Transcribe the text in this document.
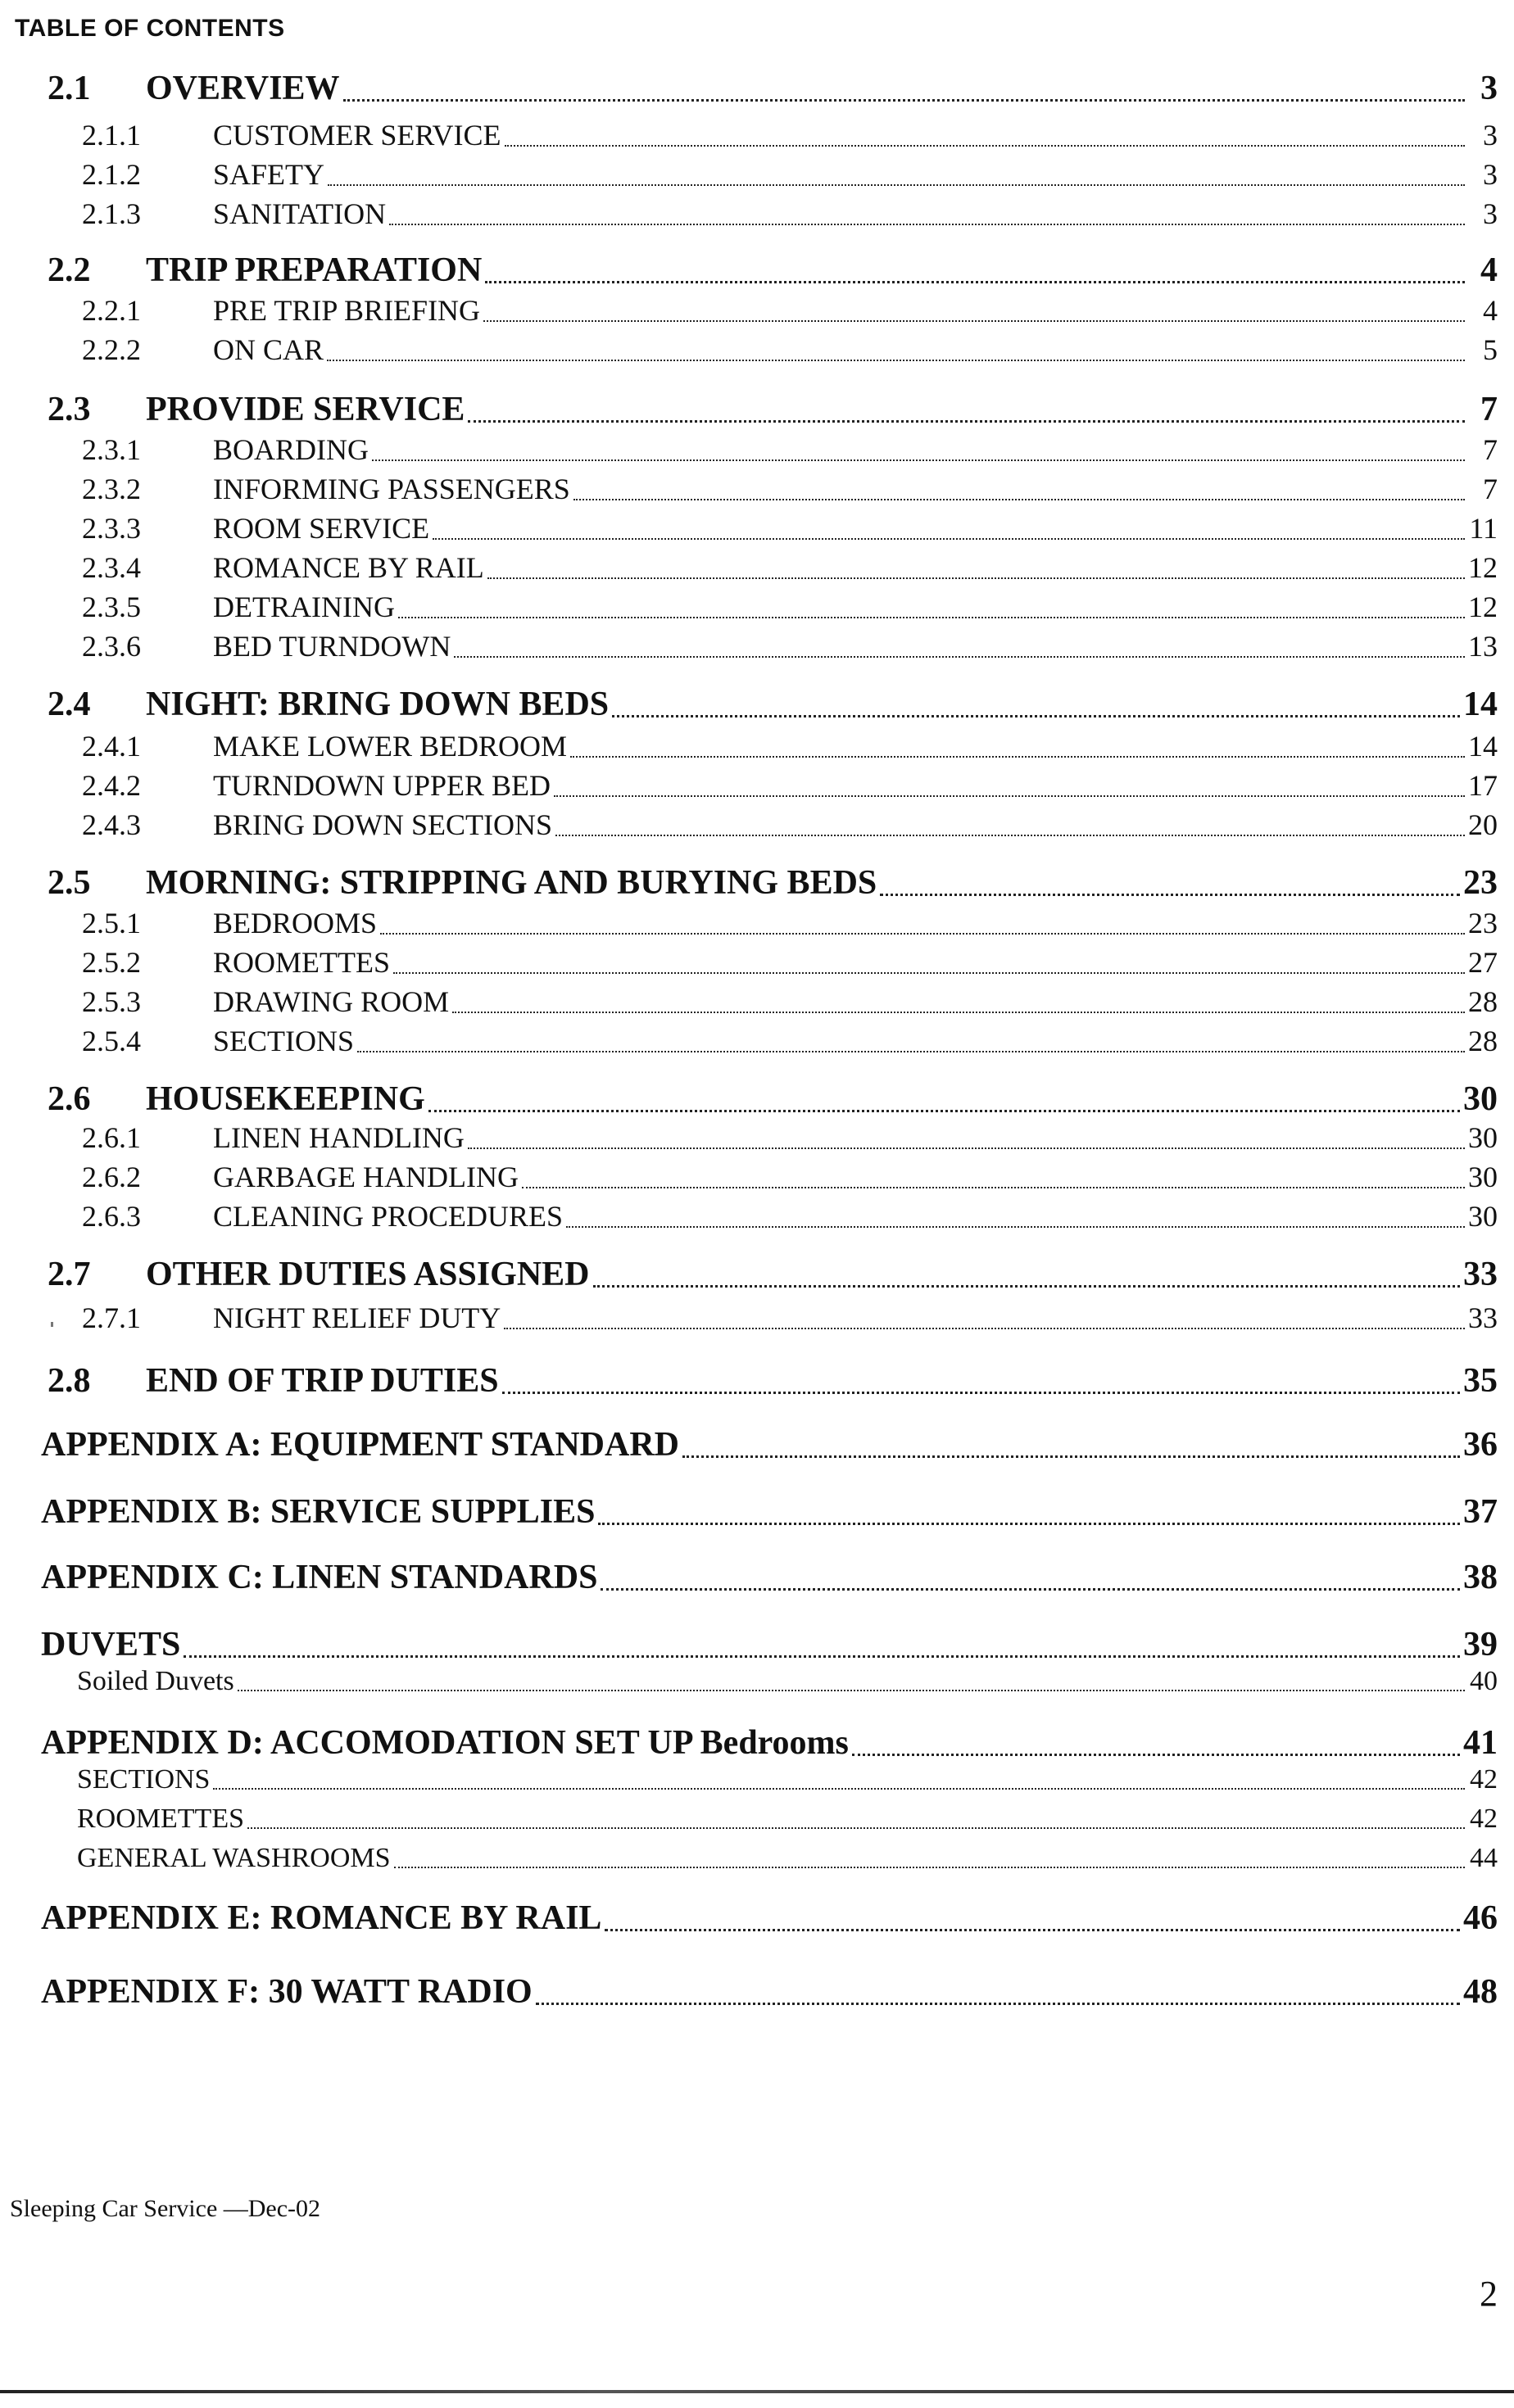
TABLE OF CONTENTS
2.1	OVERVIEW	3
2.1.1	CUSTOMER SERVICE	3
2.1.2	SAFETY	3
2.1.3	SANITATION	3
2.2	TRIP PREPARATION	4
2.2.1	PRE TRIP BRIEFING	4
2.2.2	ON CAR	5
2.3	PROVIDE SERVICE	7
2.3.1	BOARDING	7
2.3.2	INFORMING PASSENGERS	7
2.3.3	ROOM SERVICE	11
2.3.4	ROMANCE BY RAIL	12
2.3.5	DETRAINING	12
2.3.6	BED TURNDOWN	13
2.4	NIGHT: BRING DOWN BEDS	14
2.4.1	MAKE LOWER BEDROOM	14
2.4.2	TURNDOWN UPPER BED	17
2.4.3	BRING DOWN SECTIONS	20
2.5	MORNING: STRIPPING AND BURYING BEDS	23
2.5.1	BEDROOMS	23
2.5.2	ROOMETTES	27
2.5.3	DRAWING ROOM	28
2.5.4	SECTIONS	28
2.6	HOUSEKEEPING	30
2.6.1	LINEN HANDLING	30
2.6.2	GARBAGE HANDLING	30
2.6.3	CLEANING PROCEDURES	30
2.7	OTHER DUTIES ASSIGNED	33
2.7.1	NIGHT RELIEF DUTY	33
2.8	END OF TRIP DUTIES	35
APPENDIX A: EQUIPMENT STANDARD	36
APPENDIX B: SERVICE SUPPLIES	37
APPENDIX C: LINEN STANDARDS	38
DUVETS	39
Soiled Duvets	40
APPENDIX D: ACCOMODATION SET UP Bedrooms	41
SECTIONS	42
ROOMETTES	42
GENERAL WASHROOMS	44
APPENDIX E: ROMANCE BY RAIL	46
APPENDIX F: 30 WATT RADIO	48
Sleeping Car Service —Dec-02
2
